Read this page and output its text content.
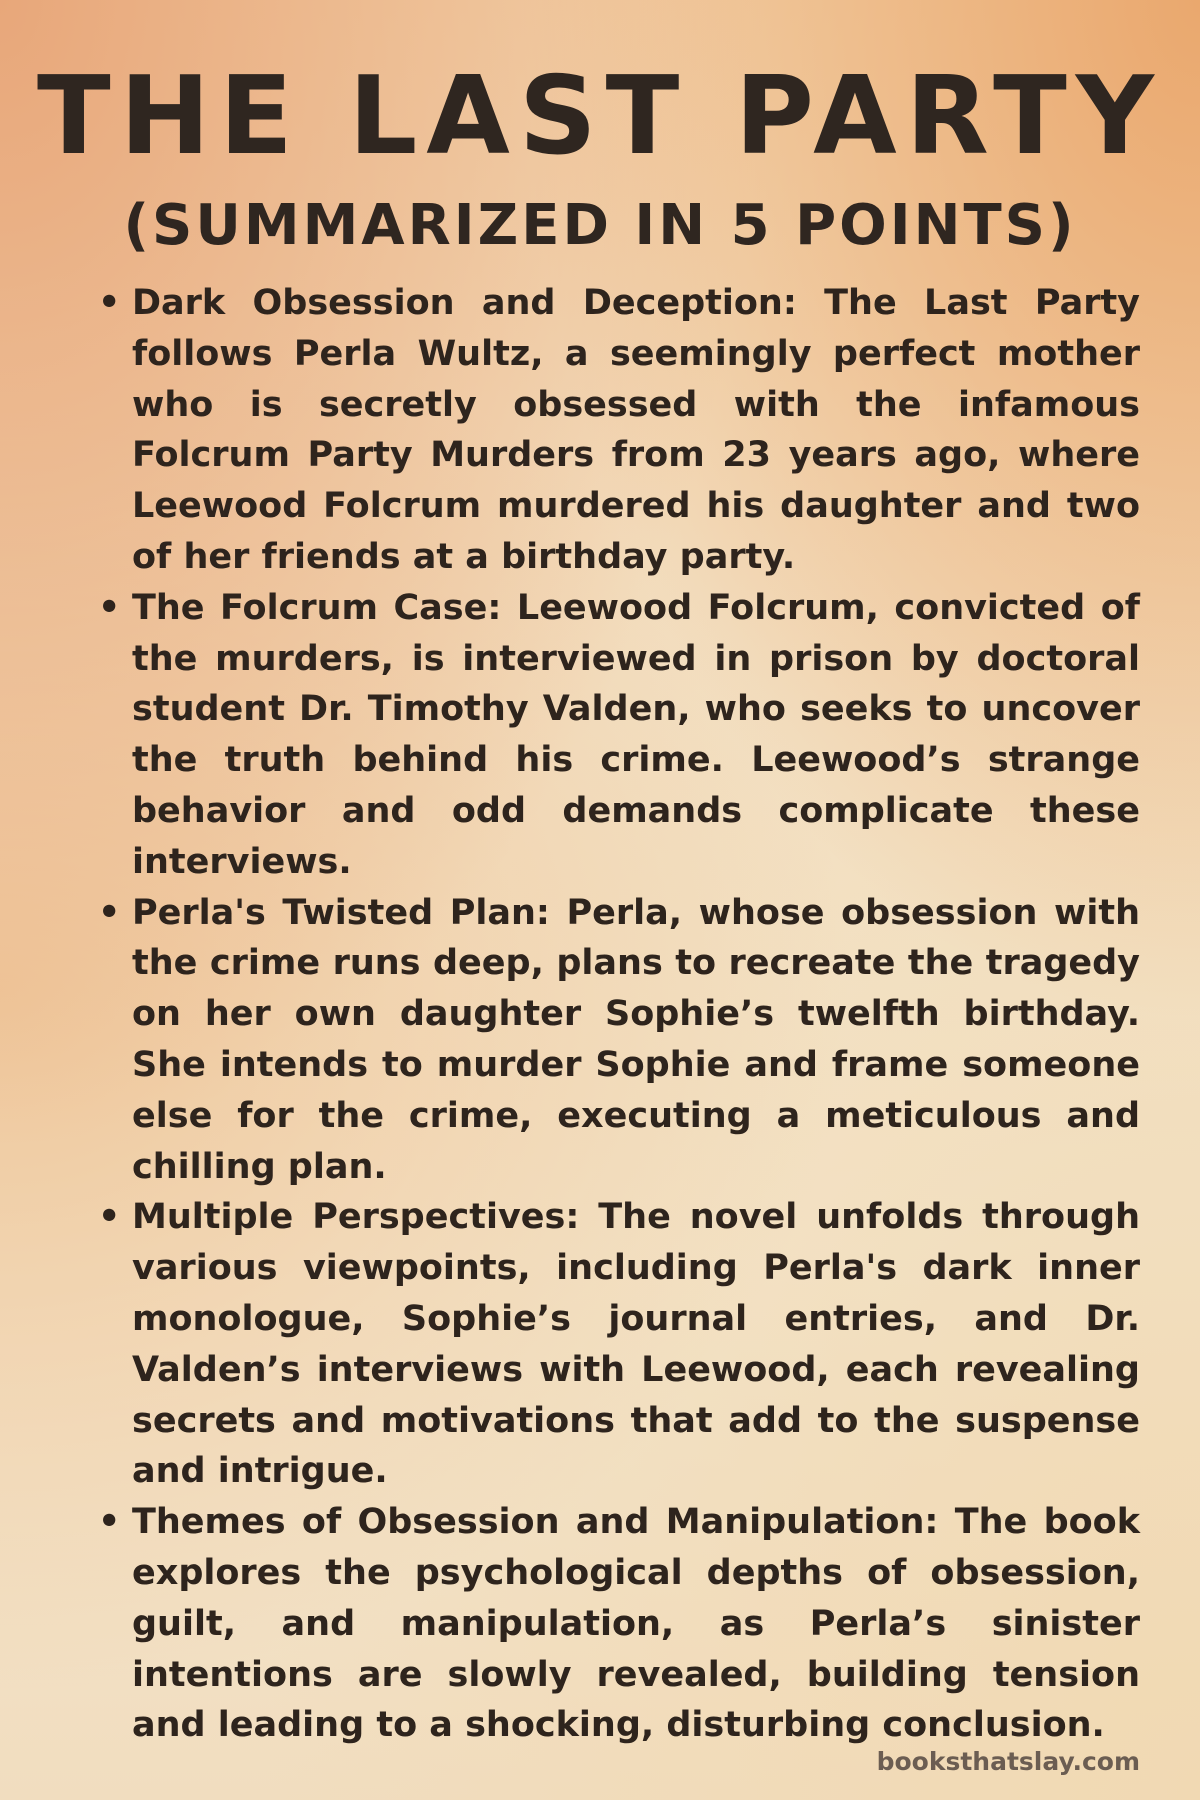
THE LAST PARTY
(SUMMARIZED IN 5 POINTS)
• Dark Obsession and Deception: The Last Party follows Perla Wultz, a seemingly perfect mother who is secretly obsessed with the infamous Folcrum Party Murders from 23 years ago, where Leewood Folcrum murdered his daughter and two of her friends at a birthday party.
• The Folcrum Case: Leewood Folcrum, convicted of the murders, is interviewed in prison by doctoral student Dr. Timothy Valden, who seeks to uncover the truth behind his crime. Leewood’s strange behavior and odd demands complicate these interviews.
• Perla's Twisted Plan: Perla, whose obsession with the crime runs deep, plans to recreate the tragedy on her own daughter Sophie’s twelfth birthday. She intends to murder Sophie and frame someone else for the crime, executing a meticulous and chilling plan.
• Multiple Perspectives: The novel unfolds through various viewpoints, including Perla's dark inner monologue, Sophie’s journal entries, and Dr. Valden’s interviews with Leewood, each revealing secrets and motivations that add to the suspense and intrigue.
• Themes of Obsession and Manipulation: The book explores the psychological depths of obsession, guilt, and manipulation, as Perla’s sinister intentions are slowly revealed, building tension and leading to a shocking, disturbing conclusion.
booksthatslay.com
